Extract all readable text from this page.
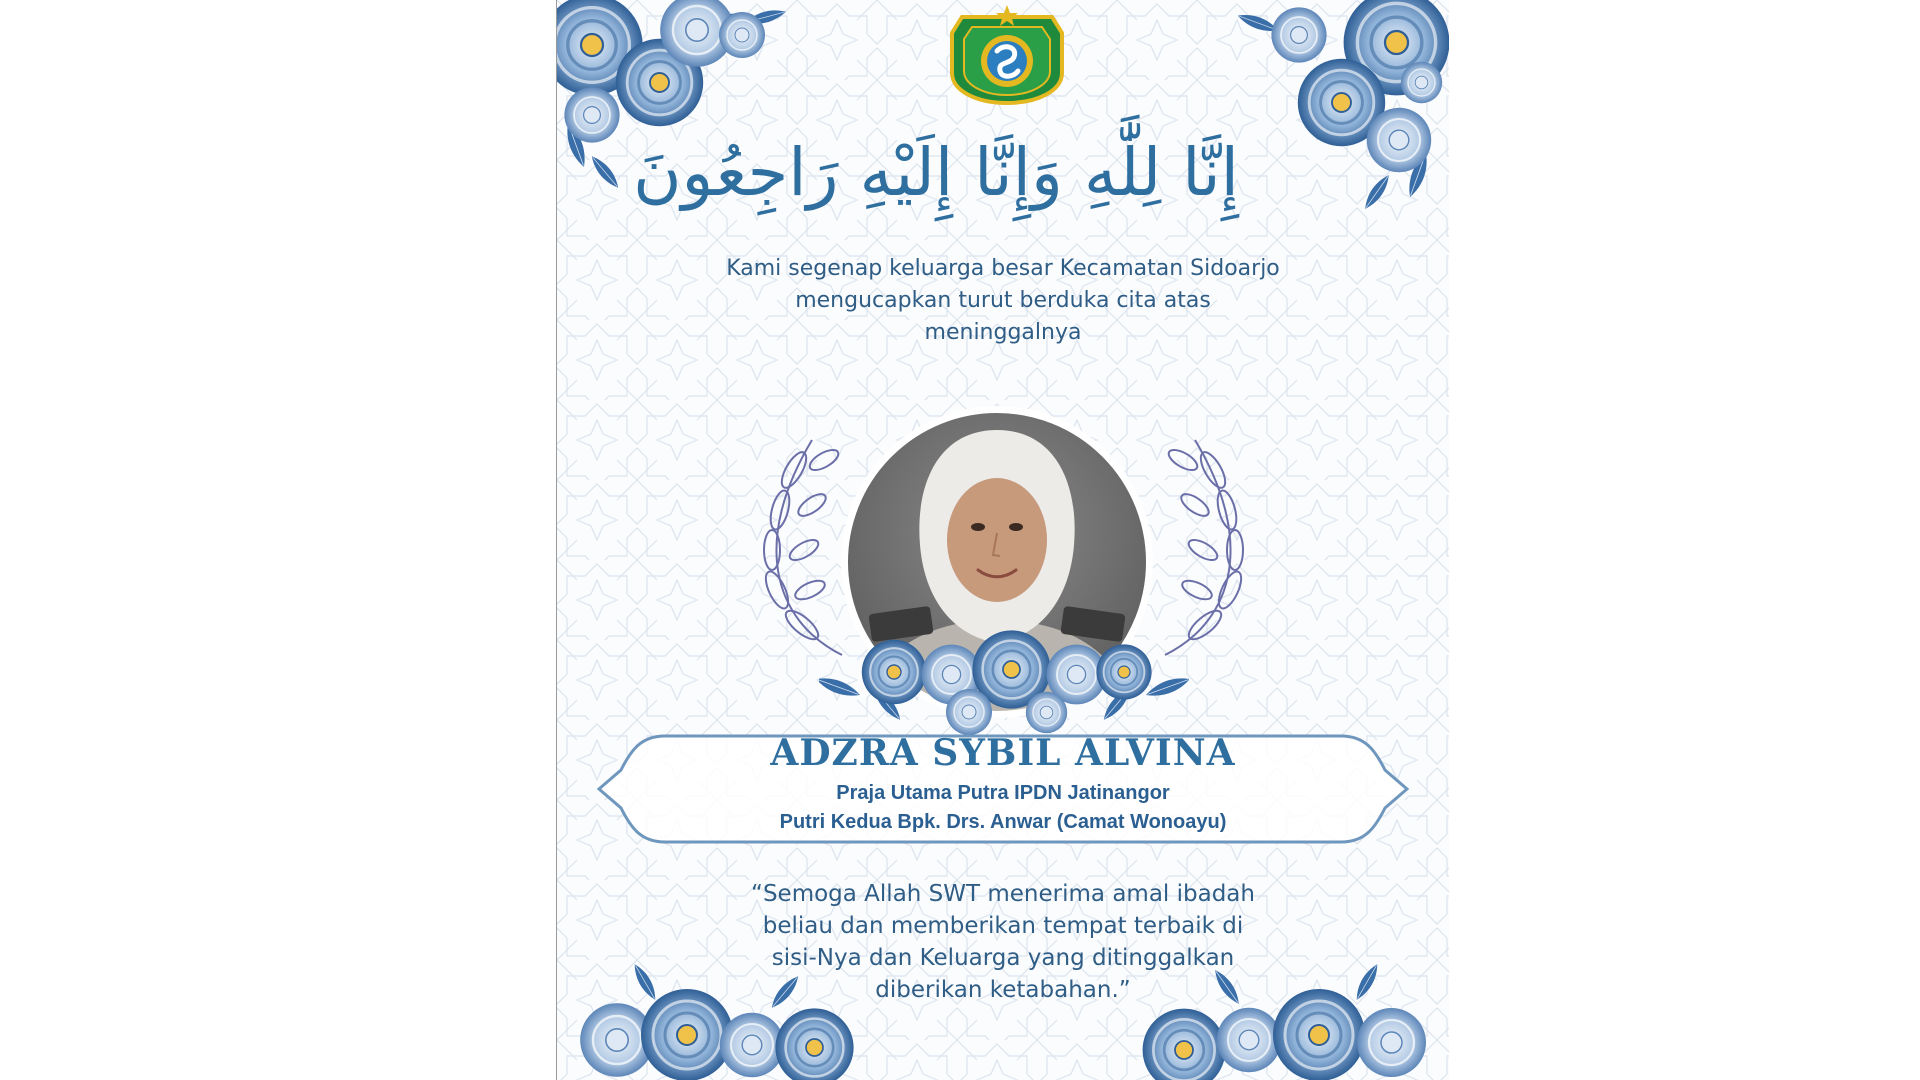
إِنَّا لِلَّٰهِ وَإِنَّا إِلَيْهِ رَاجِعُونَ
Kami segenap keluarga besar Kecamatan Sidoarjo
mengucapkan turut berduka cita atas
meninggalnya
ADZRA SYBIL ALVINA
Praja Utama Putra IPDN Jatinangor
Putri Kedua Bpk. Drs. Anwar (Camat Wonoayu)
“Semoga Allah SWT menerima amal ibadah
beliau dan memberikan tempat terbaik di
sisi-Nya dan Keluarga yang ditinggalkan
diberikan ketabahan.”
